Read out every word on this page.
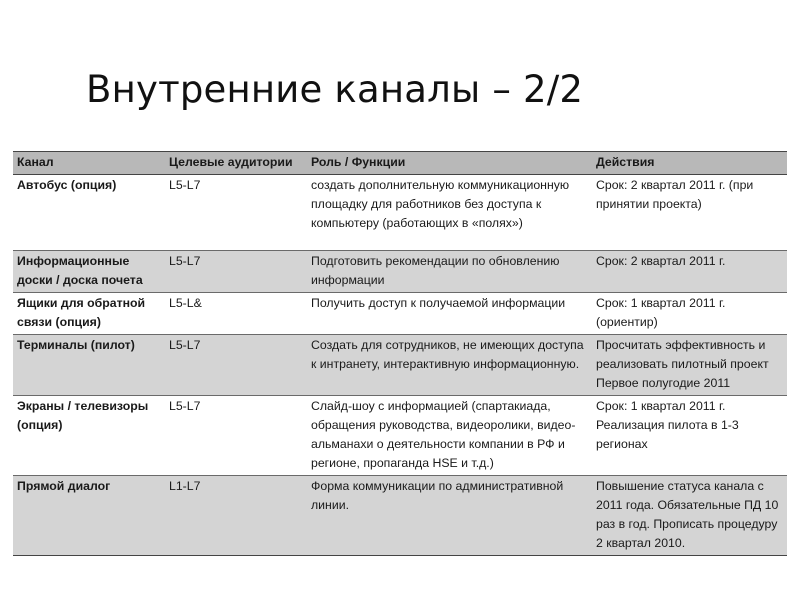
Внутренние каналы – 2/2
Канал	Целевые аудитории	Роль / Функции	Действия
Автобус (опция)	L5-L7	создать дополнительную коммуникационную площадку для работников без доступа к компьютеру (работающих в «полях»)	Срок: 2 квартал 2011 г. (при принятии проекта)
Информационные доски / доска почета	L5-L7	Подготовить рекомендации по обновлению информации	Срок: 2 квартал 2011 г.
Ящики для обратной связи (опция)	L5-L&	Получить доступ к получаемой информации	Срок: 1 квартал 2011 г. (ориентир)
Терминалы (пилот)	L5-L7	Создать для сотрудников, не имеющих доступа к интранету, интерактивную информационную.	Просчитать эффективность и реализовать пилотный проект Первое полугодие 2011
Экраны / телевизоры (опция)	L5-L7	Слайд-шоу с информацией (спартакиада, обращения руководства, видеоролики, видео-альманахи о деятельности компании в РФ и регионе, пропаганда HSE и т.д.)	Срок: 1 квартал 2011 г. Реализация пилота в 1-3 регионах
Прямой диалог	L1-L7	Форма коммуникации по административной линии.	Повышение статуса канала с 2011 года. Обязательные ПД 10 раз в год. Прописать процедуру 2 квартал 2010.
